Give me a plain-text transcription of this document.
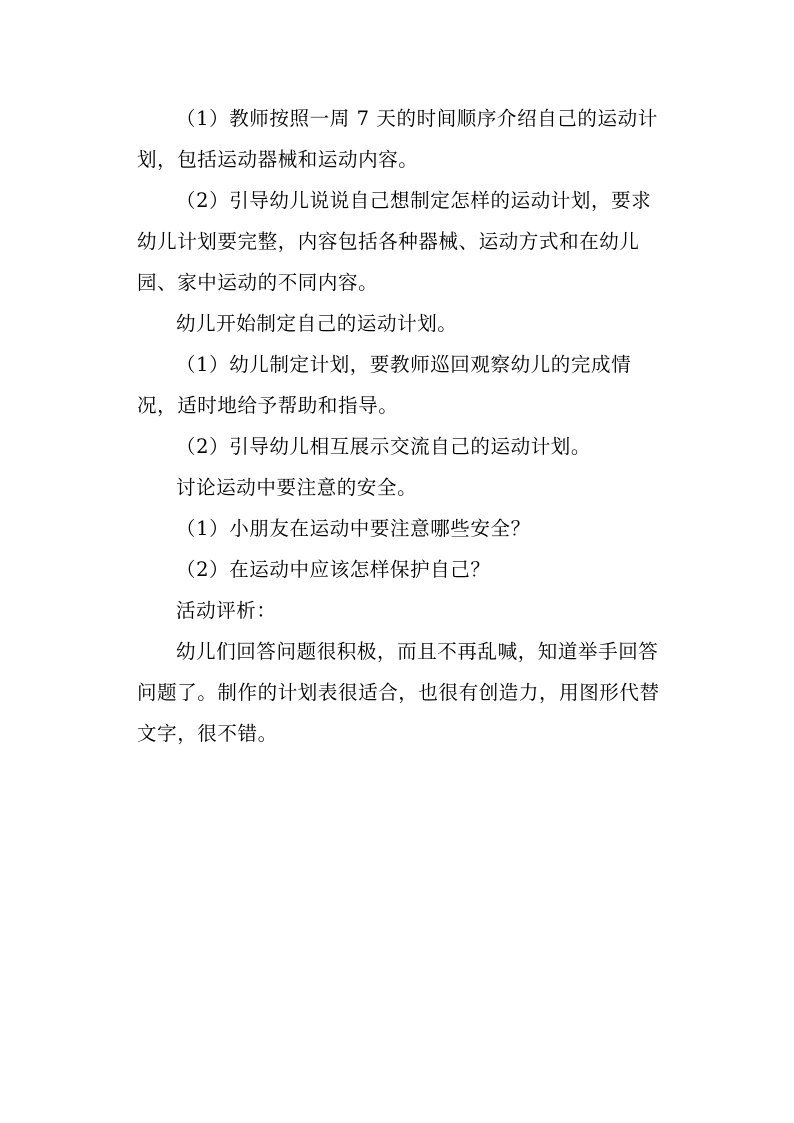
（1）教师按照一周 7 天的时间顺序介绍自己的运动计划，包括运动器械和运动内容。

（2）引导幼儿说说自己想制定怎样的运动计划，要求幼儿计划要完整，内容包括各种器械、运动方式和在幼儿园、家中运动的不同内容。

幼儿开始制定自己的运动计划。

（1）幼儿制定计划，要教师巡回观察幼儿的完成情况，适时地给予帮助和指导。

（2）引导幼儿相互展示交流自己的运动计划。

讨论运动中要注意的安全。

（1）小朋友在运动中要注意哪些安全？

（2）在运动中应该怎样保护自己？

活动评析：

幼儿们回答问题很积极，而且不再乱喊，知道举手回答问题了。制作的计划表很适合，也很有创造力，用图形代替文字，很不错。
